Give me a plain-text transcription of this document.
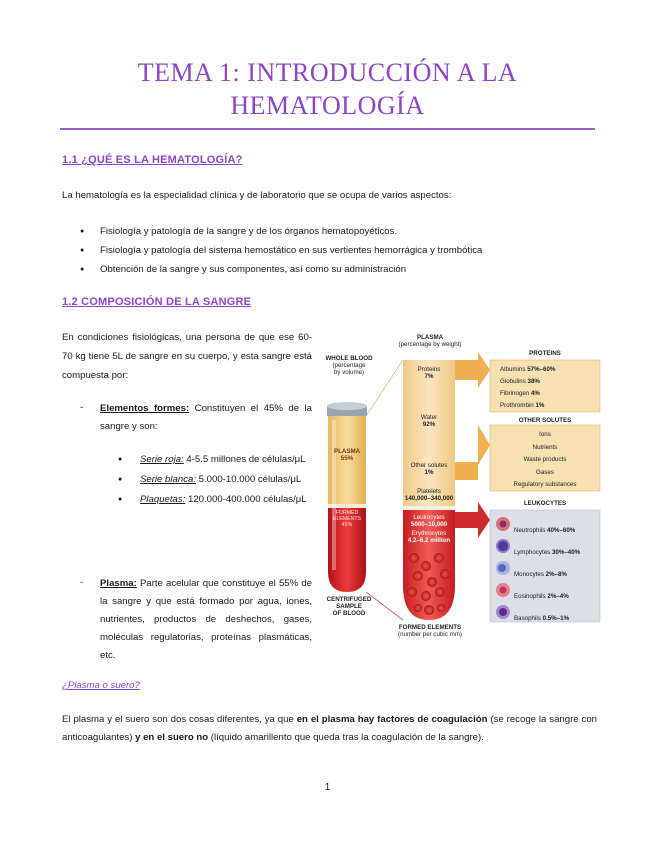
TEMA 1: INTRODUCCIÓN A LA HEMATOLOGÍA
1.1 ¿QUÉ ES LA HEMATOLOGÍA?
La hematología es la especialidad clínica y de laboratorio que se ocupa de varios aspectos:
● Fisiología y patología de la sangre y de los órganos hematopoyéticos.
● Fisiología y patología del sistema hemostático en sus vertientes hemorrágica y trombótica
● Obtención de la sangre y sus componentes, así como su administración
1.2 COMPOSICIÓN DE LA SANGRE
En condiciones fisiológicas, una persona de que ese 60-70 kg tiene 5L de sangre en su cuerpo, y esta sangre está compuesta por:
- Elementos formes: Constituyen el 45% de la sangre y son:
● Serie roja: 4-5.5 millones de células/μL
● Serie blanca: 5.000-10.000 células/μL
● Plaquetas: 120.000-400.000 células/μL
- Plasma: Parte acelular que constituye el 55% de la sangre y que está formado por agua, iones, nutrientes, productos de deshechos, gases, moléculas regulatorias, proteínas plasmáticas, etc.
¿Plasma o suero?
El plasma y el suero son dos cosas diferentes, ya que en el plasma hay factores de coagulación (se recoge la sangre con anticoagulantes) y en el suero no (líquido amarillento que queda tras la coagulación de la sangre).
WHOLE BLOOD
(percentage
by volume)
PLASMA
55%
FORMED
ELEMENTS
45%
CENTRIFUGED
SAMPLE
OF BLOOD
PLASMA
(percentage by weight)
Proteins
7%
Water
92%
Other solutes
1%
Platelets
140,000–340,000
Leukocytes
5000–10,000
Erythrocytes
4.2–6.2 million
FORMED ELEMENTS
(number per cubic mm)
PROTEINS
Albumins 57%–60%
Globulins 38%
Fibrinogen 4%
Prothrombin 1%
OTHER SOLUTES
Ions
Nutrients
Waste products
Gases
Regulatory substances
LEUKOCYTES
Neutrophils 40%–60%
Lymphocytes 30%–40%
Monocytes 2%–8%
Eosinophils 2%–4%
Basophils 0.5%–1%
1
